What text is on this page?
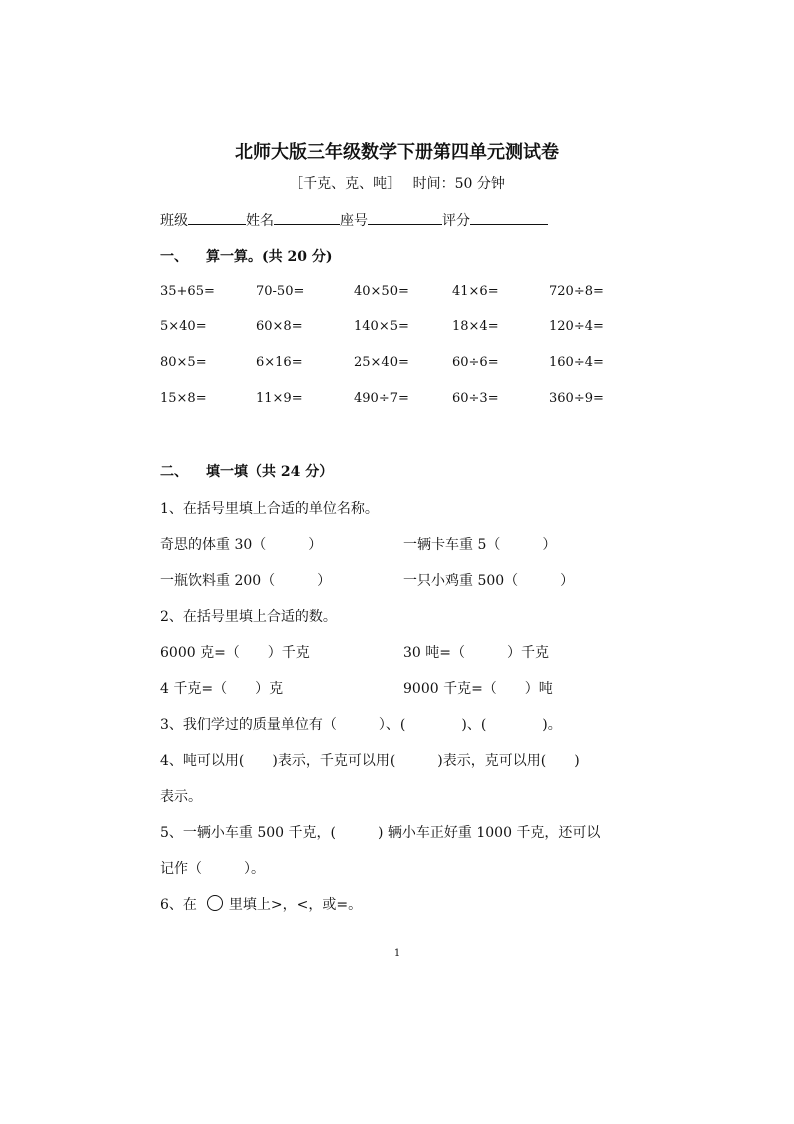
北师大版三年级数学下册第四单元测试卷
［千克、克、吨］　 时间：50 分钟
班级	姓名	座号	评分
一、 算一算。(共 20 分)
35+65=	70-50=	40×50=	41×6=	720÷8=
5×40=	60×8=	140×5=	18×4=	120÷4=
80×5=	6×16=	25×40=	60÷6=	160÷4=
15×8=	11×9=	490÷7=	60÷3=	360÷9=
二、 填一填（共 24 分）
1、在括号里填上合适的单位名称。
奇思的体重 30（　　　）	一辆卡车重 5（　　　）
一瓶饮料重 200（　　　）	一只小鸡重 500（　　　）
2、在括号里填上合适的数。
6000 克=（　　）千克	30 吨=（　　　）千克
4 千克=（　　）克	9000 千克=（　　）吨
3、我们学过的质量单位有（　　　）、(　　　　)、(　　　　)。
4、吨可以用(　　)表示，千克可以用(　　　)表示，克可以用(　　)
表示。
5、一辆小车重 500 千克，(　　　) 辆小车正好重 1000 千克，还可以
记作（　　　）。
6、在 里填上>，<，或=。
1
